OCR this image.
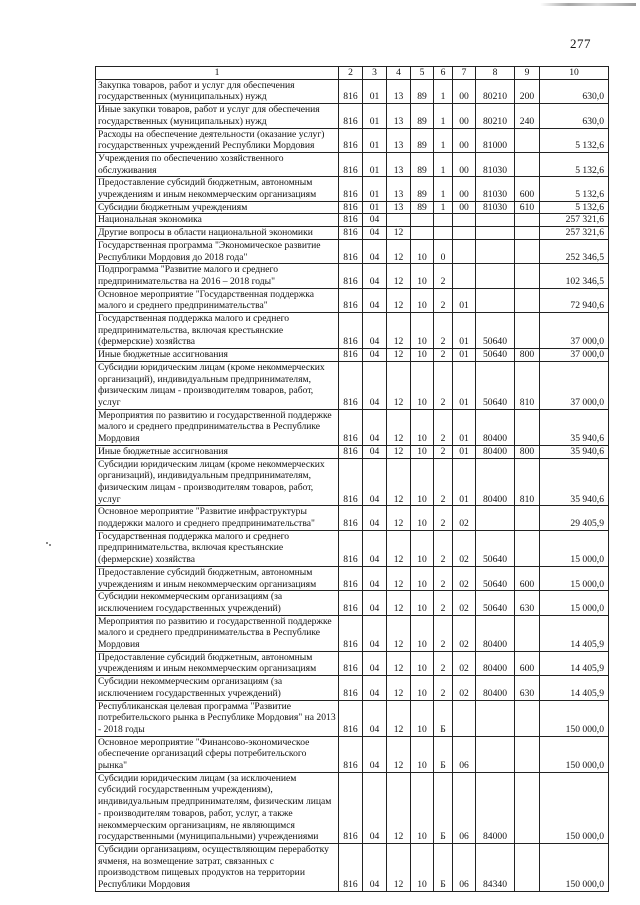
277
1	2	3	4	5	6	7	8	9	10
Закупка товаров, работ и услуг для обеспечения государственных (муниципальных) нужд	816	01	13	89	1	00	80210	200	630,0
Иные закупки товаров, работ и услуг для обеспечения государственных (муниципальных) нужд	816	01	13	89	1	00	80210	240	630,0
Расходы на обеспечение деятельности (оказание услуг) государственных учреждений Республики Мордовия	816	01	13	89	1	00	81000		5 132,6
Учреждения по обеспечению хозяйственного обслуживания	816	01	13	89	1	00	81030		5 132,6
Предоставление субсидий бюджетным, автономным учреждениям и иным некоммерческим организациям	816	01	13	89	1	00	81030	600	5 132,6
Субсидии бюджетным учреждениям	816	01	13	89	1	00	81030	610	5 132,6
Национальная экономика	816	04							257 321,6
Другие вопросы в области национальной экономики	816	04	12						257 321,6
Государственная программа "Экономическое развитие Республики Мордовия до 2018 года"	816	04	12	10	0				252 346,5
Подпрограмма "Развитие малого и среднего предпринимательства на 2016 – 2018 годы"	816	04	12	10	2				102 346,5
Основное мероприятие "Государственная поддержка малого и среднего предпринимательства"	816	04	12	10	2	01			72 940,6
Государственная поддержка малого и среднего предпринимательства, включая крестьянские (фермерские) хозяйства	816	04	12	10	2	01	50640		37 000,0
Иные бюджетные ассигнования	816	04	12	10	2	01	50640	800	37 000,0
Субсидии юридическим лицам (кроме некоммерческих организаций), индивидуальным предпринимателям, физическим лицам - производителям товаров, работ, услуг	816	04	12	10	2	01	50640	810	37 000,0
Мероприятия по развитию и государственной поддержке малого и среднего предпринимательства в Республике Мордовия	816	04	12	10	2	01	80400		35 940,6
Иные бюджетные ассигнования	816	04	12	10	2	01	80400	800	35 940,6
Субсидии юридическим лицам (кроме некоммерческих организаций), индивидуальным предпринимателям, физическим лицам - производителям товаров, работ, услуг	816	04	12	10	2	01	80400	810	35 940,6
Основное мероприятие "Развитие инфраструктуры поддержки малого и среднего предпринимательства"	816	04	12	10	2	02			29 405,9
Государственная поддержка малого и среднего предпринимательства, включая крестьянские (фермерские) хозяйства	816	04	12	10	2	02	50640		15 000,0
Предоставление субсидий бюджетным, автономным учреждениям и иным некоммерческим организациям	816	04	12	10	2	02	50640	600	15 000,0
Субсидии некоммерческим организациям (за исключением государственных учреждений)	816	04	12	10	2	02	50640	630	15 000,0
Мероприятия по развитию и государственной поддержке малого и среднего предпринимательства в Республике Мордовия	816	04	12	10	2	02	80400		14 405,9
Предоставление субсидий бюджетным, автономным учреждениям и иным некоммерческим организациям	816	04	12	10	2	02	80400	600	14 405,9
Субсидии некоммерческим организациям (за исключением государственных учреждений)	816	04	12	10	2	02	80400	630	14 405,9
Республиканская целевая программа "Развитие потребительского рынка в Республике Мордовия" на 2013 - 2018 годы	816	04	12	10	Б				150 000,0
Основное мероприятие "Финансово-экономическое обеспечение организаций сферы потребительского рынка"	816	04	12	10	Б	06			150 000,0
Субсидии юридическим лицам (за исключением субсидий государственным учреждениям), индивидуальным предпринимателям, физическим лицам - производителям товаров, работ, услуг, а также некоммерческим организациям, не являющимся государственными (муниципальными) учреждениями	816	04	12	10	Б	06	84000		150 000,0
Субсидии организациям, осуществляющим переработку ячменя, на возмещение затрат, связанных с производством пищевых продуктов на территории Республики Мордовия	816	04	12	10	Б	06	84340		150 000,0
